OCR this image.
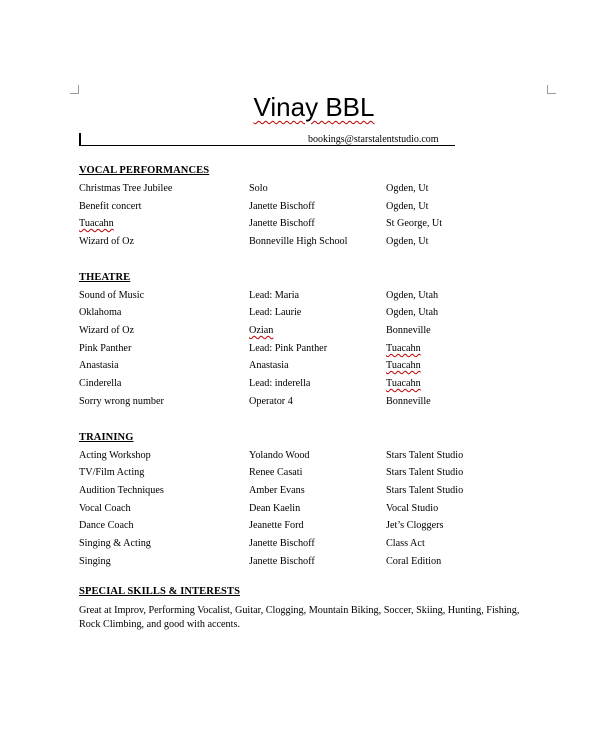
Vinay BBL
bookings@starstalentstudio.com
VOCAL PERFORMANCES
Christmas Tree Jubilee	Solo	Ogden, Ut
Benefit concert	Janette Bischoff	Ogden, Ut
Tuacahn	Janette Bischoff	St George, Ut
Wizard of Oz	Bonneville High School	Ogden, Ut
THEATRE
Sound of Music	Lead: Maria	Ogden, Utah
Oklahoma	Lead: Laurie	Ogden, Utah
Wizard of Oz	Ozian	Bonneville
Pink Panther	Lead: Pink Panther	Tuacahn
Anastasia	Anastasia	Tuacahn
Cinderella	Lead: inderella	Tuacahn
Sorry wrong number	Operator 4	Bonneville
TRAINING
Acting Workshop	Yolando Wood	Stars Talent Studio
TV/Film Acting	Renee Casati	Stars Talent Studio
Audition Techniques	Amber Evans	Stars Talent Studio
Vocal Coach	Dean Kaelin	Vocal Studio
Dance Coach	Jeanette Ford	Jet’s Cloggers
Singing & Acting	Janette Bischoff	Class Act
Singing	Janette Bischoff	Coral Edition
SPECIAL SKILLS & INTERESTS
Great at Improv, Performing Vocalist, Guitar, Clogging, Mountain Biking, Soccer, Skiing, Hunting, Fishing, Rock Climbing, and good with accents.
